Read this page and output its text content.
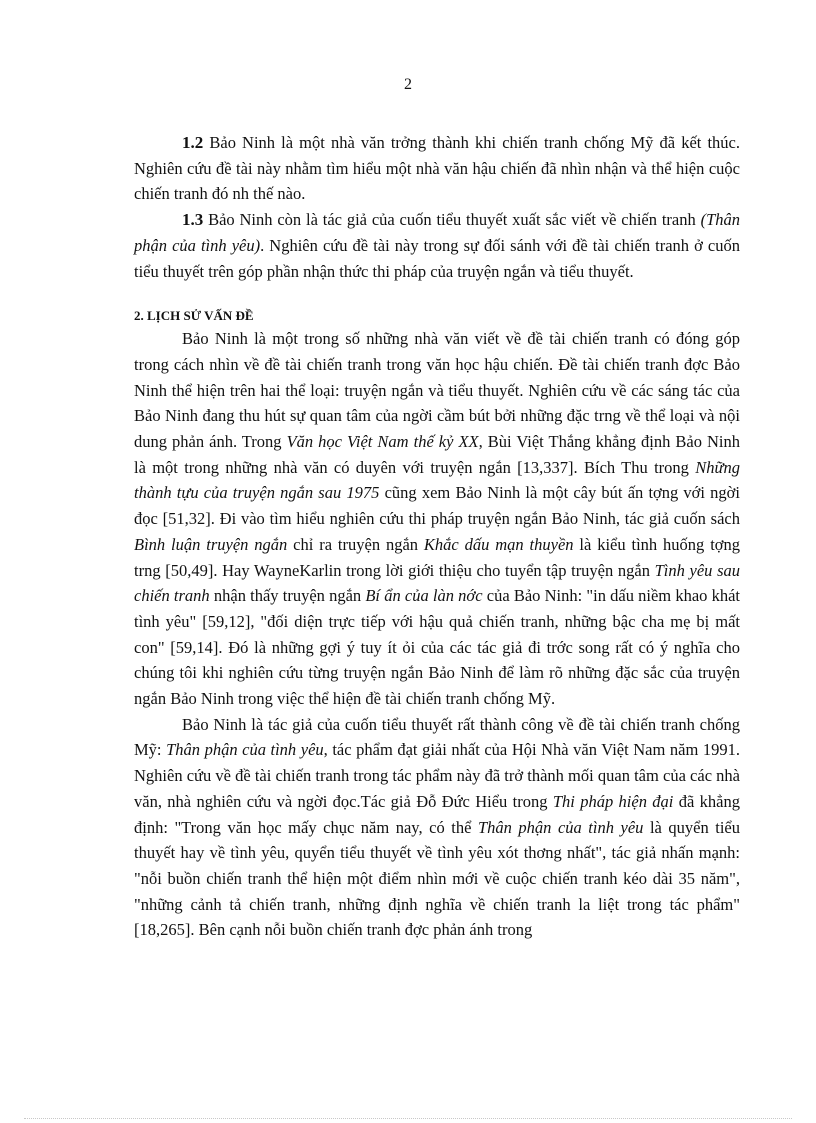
2

1.2 Bảo Ninh là một nhà văn trởng thành khi chiến tranh chống Mỹ đã kết thúc. Nghiên cứu đề tài này nhằm tìm hiểu một nhà văn hậu chiến đã nhìn nhận và thể hiện cuộc chiến tranh đó nh thế nào.

1.3 Bảo Ninh còn là tác giả của cuốn tiểu thuyết xuất sắc viết về chiến tranh (Thân phận của tình yêu). Nghiên cứu đề tài này trong sự đối sánh với đề tài chiến tranh ở cuốn tiểu thuyết trên góp phần nhận thức thi pháp của truyện ngắn và tiểu thuyết.

2. LỊCH SỬ VẤN ĐỀ

Bảo Ninh là một trong số những nhà văn viết về đề tài chiến tranh có đóng góp trong cách nhìn về đề tài chiến tranh trong văn học hậu chiến. Đề tài chiến tranh đợc Bảo Ninh thể hiện trên hai thể loại: truyện ngắn và tiểu thuyết. Nghiên cứu về các sáng tác của Bảo Ninh đang thu hút sự quan tâm của ngời cầm bút bởi những đặc trng về thể loại và nội dung phản ánh. Trong Văn học Việt Nam thế kỷ XX, Bùi Việt Thắng khẳng định Bảo Ninh là một trong những nhà văn có duyên với truyện ngắn [13,337]. Bích Thu trong Những thành tựu của truyện ngắn sau 1975 cũng xem Bảo Ninh là một cây bút ấn tợng với ngời đọc [51,32]. Đi vào tìm hiểu nghiên cứu thi pháp truyện ngắn Bảo Ninh, tác giả cuốn sách Bình luận truyện ngắn chỉ ra truyện ngắn Khắc dấu mạn thuyền là kiểu tình huống tợng trng [50,49]. Hay WayneKarlin trong lời giới thiệu cho tuyển tập truyện ngắn Tình yêu sau chiến tranh nhận thấy truyện ngắn Bí ẩn của làn nớc của Bảo Ninh: "in dấu niềm khao khát tình yêu" [59,12], "đối diện trực tiếp với hậu quả chiến tranh, những bậc cha mẹ bị mất con" [59,14]. Đó là những gợi ý tuy ít ỏi của các tác giả đi trớc song rất có ý nghĩa cho chúng tôi khi nghiên cứu từng truyện ngắn Bảo Ninh để làm rõ những đặc sắc của truyện ngắn Bảo Ninh trong việc thể hiện đề tài chiến tranh chống Mỹ.

Bảo Ninh là tác giả của cuốn tiểu thuyết rất thành công về đề tài chiến tranh chống Mỹ: Thân phận của tình yêu, tác phẩm đạt giải nhất của Hội Nhà văn Việt Nam năm 1991. Nghiên cứu về đề tài chiến tranh trong tác phẩm này đã trở thành mối quan tâm của các nhà văn, nhà nghiên cứu và ngời đọc.Tác giả Đỗ Đức Hiểu trong Thi pháp hiện đại đã khẳng định: "Trong văn học mấy chục năm nay, có thể Thân phận của tình yêu là quyển tiểu thuyết hay về tình yêu, quyển tiểu thuyết về tình yêu xót thơng nhất", tác giả nhấn mạnh: "nỗi buồn chiến tranh thể hiện một điểm nhìn mới về cuộc chiến tranh kéo dài 35 năm", "những cảnh tả chiến tranh, những định nghĩa về chiến tranh la liệt trong tác phẩm" [18,265]. Bên cạnh nỗi buồn chiến tranh đợc phản ánh trong
